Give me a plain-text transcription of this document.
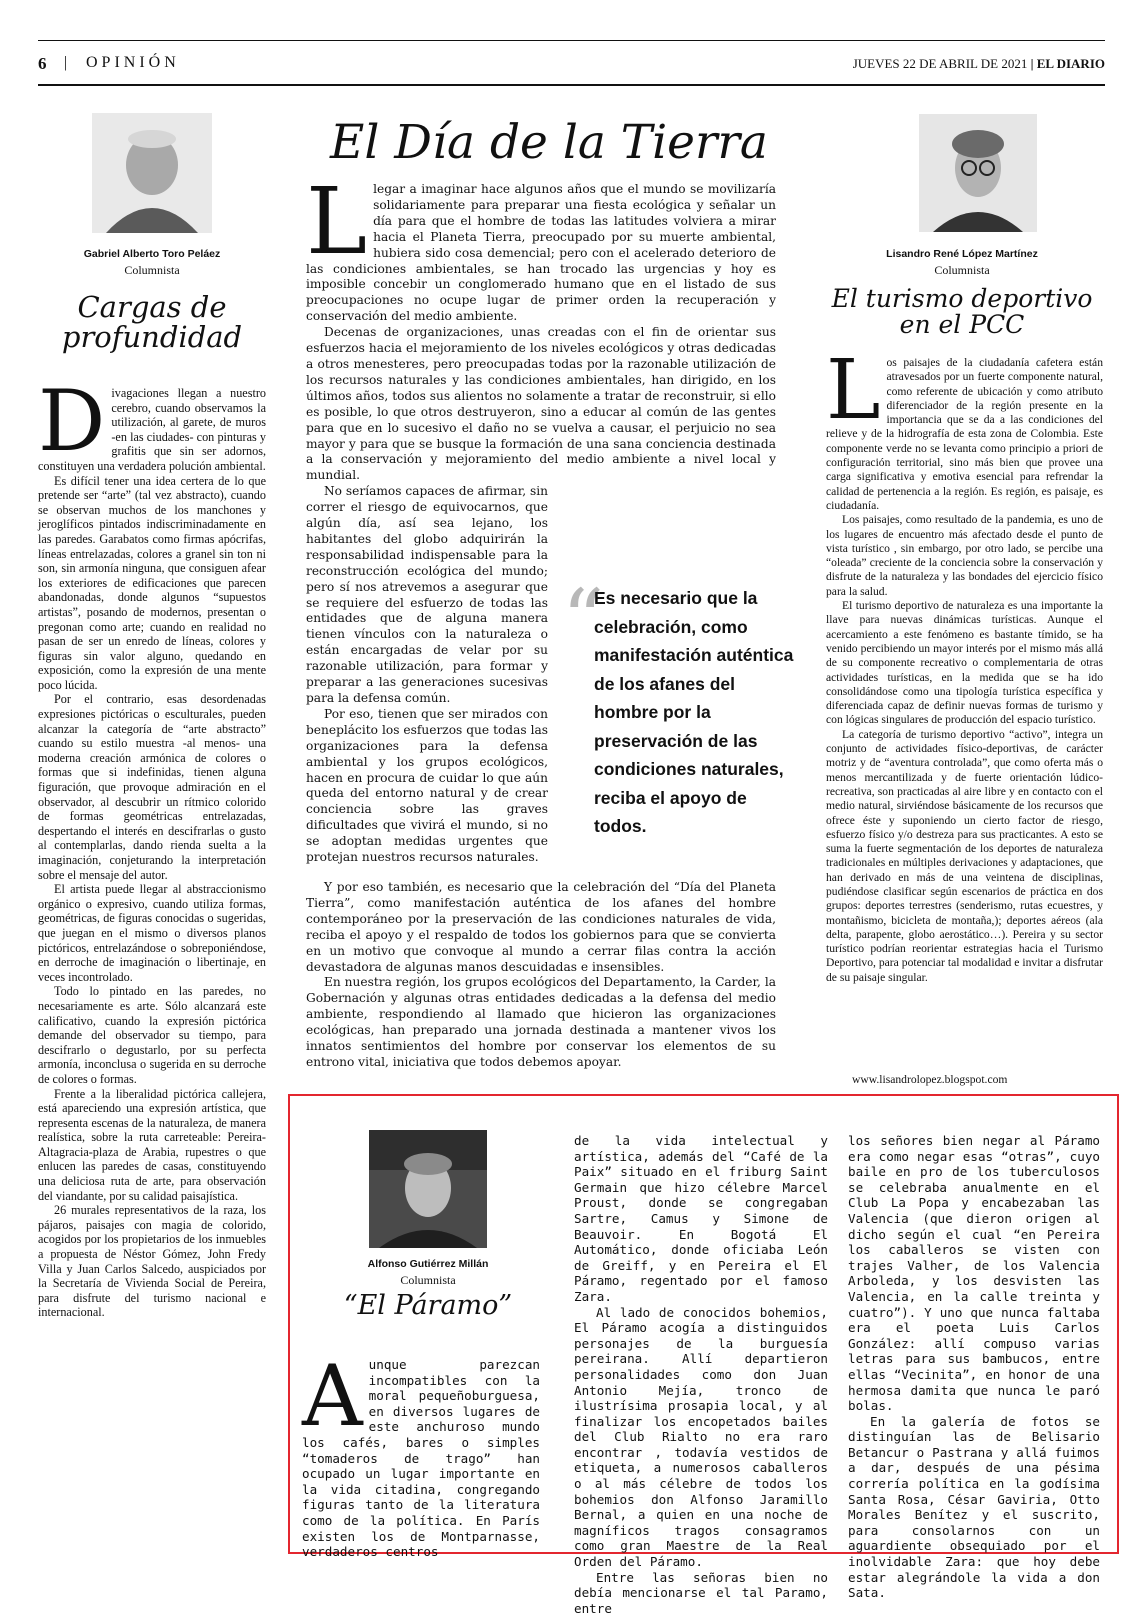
6 | OPINIÓN	JUEVES 22 DE ABRIL DE 2021 | EL DIARIO
Gabriel Alberto Toro Peláez
Columnista
Cargas de
profundidad

Divagaciones llegan a nuestro cerebro, cuando observamos la utilización, al garete, de muros -en las ciudades- con pinturas y grafitis que sin ser adornos, constituyen una verdadera polución ambiental.

Es difícil tener una idea certera de lo que pretende ser “arte” (tal vez abstracto), cuando se observan muchos de los manchones y jeroglíficos pintados indiscriminadamente en las paredes. Garabatos como firmas apócrifas, líneas entrelazadas, colores a granel sin ton ni son, sin armonía ninguna, que consiguen afear los exteriores de edificaciones que parecen abandonadas, donde algunos “supuestos artistas”, posando de modernos, presentan o pregonan como arte; cuando en realidad no pasan de ser un enredo de líneas, colores y figuras sin valor alguno, quedando en exposición, como la expresión de una mente poco lúcida.

Por el contrario, esas desordenadas expresiones pictóricas o esculturales, pueden alcanzar la categoría de “arte abstracto” cuando su estilo muestra -al menos- una moderna creación armónica de colores o formas que si indefinidas, tienen alguna figuración, que provoque admiración en el observador, al descubrir un rítmico colorido de formas geométricas entrelazadas, despertando el interés en descifrarlas o gusto al contemplarlas, dando rienda suelta a la imaginación, conjeturando la interpretación sobre el mensaje del autor.

El artista puede llegar al abstraccionismo orgánico o expresivo, cuando utiliza formas, geométricas, de figuras conocidas o sugeridas, que juegan en el mismo o diversos planos pictóricos, entrelazándose o sobreponiéndose, en derroche de imaginación o libertinaje, en veces incontrolado.

Todo lo pintado en las paredes, no necesariamente es arte. Sólo alcanzará este calificativo, cuando la expresión pictórica demande del observador su tiempo, para descifrarlo o degustarlo, por su perfecta armonía, inconclusa o sugerida en su derroche de colores o formas.

Frente a la liberalidad pictórica callejera, está apareciendo una expresión artística, que representa escenas de la naturaleza, de manera realística, sobre la ruta carreteable: Pereira-Altagracia-plaza de Arabia, rupestres o que enlucen las paredes de casas, constituyendo una deliciosa ruta de arte, para observación del viandante, por su calidad paisajística.

26 murales representativos de la raza, los pájaros, paisajes con magia de colorido, acogidos por los propietarios de los inmuebles a propuesta de Néstor Gómez, John Fredy Villa y Juan Carlos Salcedo, auspiciados por la Secretaría de Vivienda Social de Pereira, para disfrute del turismo nacional e internacional.

El Día de la Tierra

Llegar a imaginar hace algunos años que el mundo se movilizaría solidariamente para preparar una fiesta ecológica y señalar un día para que el hombre de todas las latitudes volviera a mirar hacia el Planeta Tierra, preocupado por su muerte ambiental, hubiera sido cosa demencial; pero con el acelerado deterioro de las condiciones ambientales, se han trocado las urgencias y hoy es imposible concebir un conglomerado humano que en el listado de sus preocupaciones no ocupe lugar de primer orden la recuperación y conservación del medio ambiente.

Decenas de organizaciones, unas creadas con el fin de orientar sus esfuerzos hacia el mejoramiento de los niveles ecológicos y otras dedicadas a otros menesteres, pero preocupadas todas por la razonable utilización de los recursos naturales y las condiciones ambientales, han dirigido, en los últimos años, todos sus alientos no solamente a tratar de reconstruir, si ello es posible, lo que otros destruyeron, sino a educar al común de las gentes para que en lo sucesivo el daño no se vuelva a causar, el perjuicio no sea mayor y para que se busque la formación de una sana conciencia destinada a la conservación y mejoramiento del medio ambiente a nivel local y mundial.

No seríamos capaces de afirmar, sin correr el riesgo de equivocarnos, que algún día, así sea lejano, los habitantes del globo adquirirán la responsabilidad indispensable para la reconstrucción ecológica del mundo; pero sí nos atrevemos a asegurar que se requiere del esfuerzo de todas las entidades que de alguna manera tienen vínculos con la naturaleza o están encargadas de velar por su razonable utilización, para formar y preparar a las generaciones sucesivas para la defensa común.

Por eso, tienen que ser mirados con beneplácito los esfuerzos que todas las organizaciones para la defensa ambiental y los grupos ecológicos, hacen en procura de cuidar lo que aún queda del entorno natural y de crear conciencia sobre las graves dificultades que vivirá el mundo, si no se adoptan medidas urgentes que protejan nuestros recursos naturales.

Y por eso también, es necesario que la celebración del “Día del Planeta Tierra”, como manifestación auténtica de los afanes del hombre contemporáneo por la preservación de las condiciones naturales de vida, reciba el apoyo y el respaldo de todos los gobiernos para que se convierta en un motivo que convoque al mundo a cerrar filas contra la acción devastadora de algunas manos descuidadas e insensibles.

En nuestra región, los grupos ecológicos del Departamento, la Carder, la Gobernación y algunas otras entidades dedicadas a la defensa del medio ambiente, respondiendo al llamado que hicieron las organizaciones ecológicas, han preparado una jornada destinada a mantener vivos los innatos sentimientos del hombre por conservar los elementos de su entrono vital, iniciativa que todos debemos apoyar.

“
Es necesario que la celebración, como manifestación auténtica de los afanes del hombre por la preservación de las condiciones naturales, reciba el apoyo de todos.
Lisandro René López Martínez
Columnista
El turismo deportivo
en el PCC

Los paisajes de la ciudadanía cafetera están atravesados por un fuerte componente natural, como referente de ubicación y como atributo diferenciador de la región presente en la importancia que se da a las condiciones del relieve y de la hidrografía de esta zona de Colombia. Este componente verde no se levanta como principio a priori de configuración territorial, sino más bien que provee una carga significativa y emotiva esencial para refrendar la calidad de pertenencia a la región. Es región, es paisaje, es ciudadanía.

Los paisajes, como resultado de la pandemia, es uno de los lugares de encuentro más afectado desde el punto de vista turístico , sin embargo, por otro lado, se percibe una “oleada” creciente de la conciencia sobre la conservación y disfrute de la naturaleza y las bondades del ejercicio físico para la salud.

El turismo deportivo de naturaleza es una importante la llave para nuevas dinámicas turísticas. Aunque el acercamiento a este fenómeno es bastante tímido, se ha venido percibiendo un mayor interés por el mismo más allá de su componente recreativo o complementaria de otras actividades turísticas, en la medida que se ha ido consolidándose como una tipología turística específica y diferenciada capaz de definir nuevas formas de turismo y con lógicas singulares de producción del espacio turístico.

La categoría de turismo deportivo “activo”, integra un conjunto de actividades físico-deportivas, de carácter motriz y de “aventura controlada”, que como oferta más o menos mercantilizada y de fuerte orientación lúdico-recreativa, son practicadas al aire libre y en contacto con el medio natural, sirviéndose básicamente de los recursos que ofrece éste y suponiendo un cierto factor de riesgo, esfuerzo físico y/o destreza para sus practicantes. A esto se suma la fuerte segmentación de los deportes de naturaleza tradicionales en múltiples derivaciones y adaptaciones, que han derivado en más de una veintena de disciplinas, pudiéndose clasificar según escenarios de práctica en dos grupos: deportes terrestres (senderismo, rutas ecuestres, y montañismo, bicicleta de montaña,); deportes aéreos (ala delta, parapente, globo aerostático…). Pereira y su sector turístico podrían reorientar estrategias hacia el Turismo Deportivo, para potenciar tal modalidad e invitar a disfrutar de su paisaje singular.

www.lisandrolopez.blogspot.com
Alfonso Gutiérrez Millán
Columnista
“El Páramo”

Aunque parezcan incompatibles con la moral pequeñoburguesa, en diversos lugares de este anchuroso mundo los cafés, bares o simples “tomaderos de trago” han ocupado un lugar importante en la vida citadina, congregando figuras tanto de la literatura como de la política. En París existen los de Montparnasse, verdaderos centros

de la vida intelectual y artística, además del “Café de la Paix” situado en el friburg Saint Germain que hizo célebre Marcel Proust, donde se congregaban Sartre, Camus y Simone de Beauvoir. En Bogotá El Automático, donde oficiaba León de Greiff, y en Pereira el El Páramo, regentado por el famoso Zara.

Al lado de conocidos bohemios, El Páramo acogía a distinguidos personajes de la burguesía pereirana. Allí departieron personalidades como don Juan Antonio Mejía, tronco de ilustrísima prosapia local, y al finalizar los encopetados bailes del Club Rialto no era raro encontrar , todavía vestidos de etiqueta, a numerosos caballeros o al más célebre de todos los bohemios don Alfonso Jaramillo Bernal, a quien en una noche de magníficos tragos consagramos como gran Maestre de la Real Orden del Páramo.

Entre las señoras bien no debía mencionarse el tal Paramo, entre

los señores bien negar al Páramo era como negar esas “otras”, cuyo baile en pro de los tuberculosos se celebraba anualmente en el Club La Popa y encabezaban las Valencia (que dieron origen al dicho según el cual “en Pereira los caballeros se visten con trajes Valher, de los Valencia Arboleda, y los desvisten las Valencia, en la calle treinta y cuatro”). Y uno que nunca faltaba era el poeta Luis Carlos González: allí compuso varias letras para sus bambucos, entre ellas “Vecinita”, en honor de una hermosa damita que nunca le paró bolas.

En la galería de fotos se distinguían las de Belisario Betancur o Pastrana y allá fuimos a dar, después de una pésima correría política en la godísima Santa Rosa, César Gaviria, Otto Morales Benítez y el suscrito, para consolarnos con un aguardiente obsequiado por el inolvidable Zara: que hoy debe estar alegrándole la vida a don Sata.
